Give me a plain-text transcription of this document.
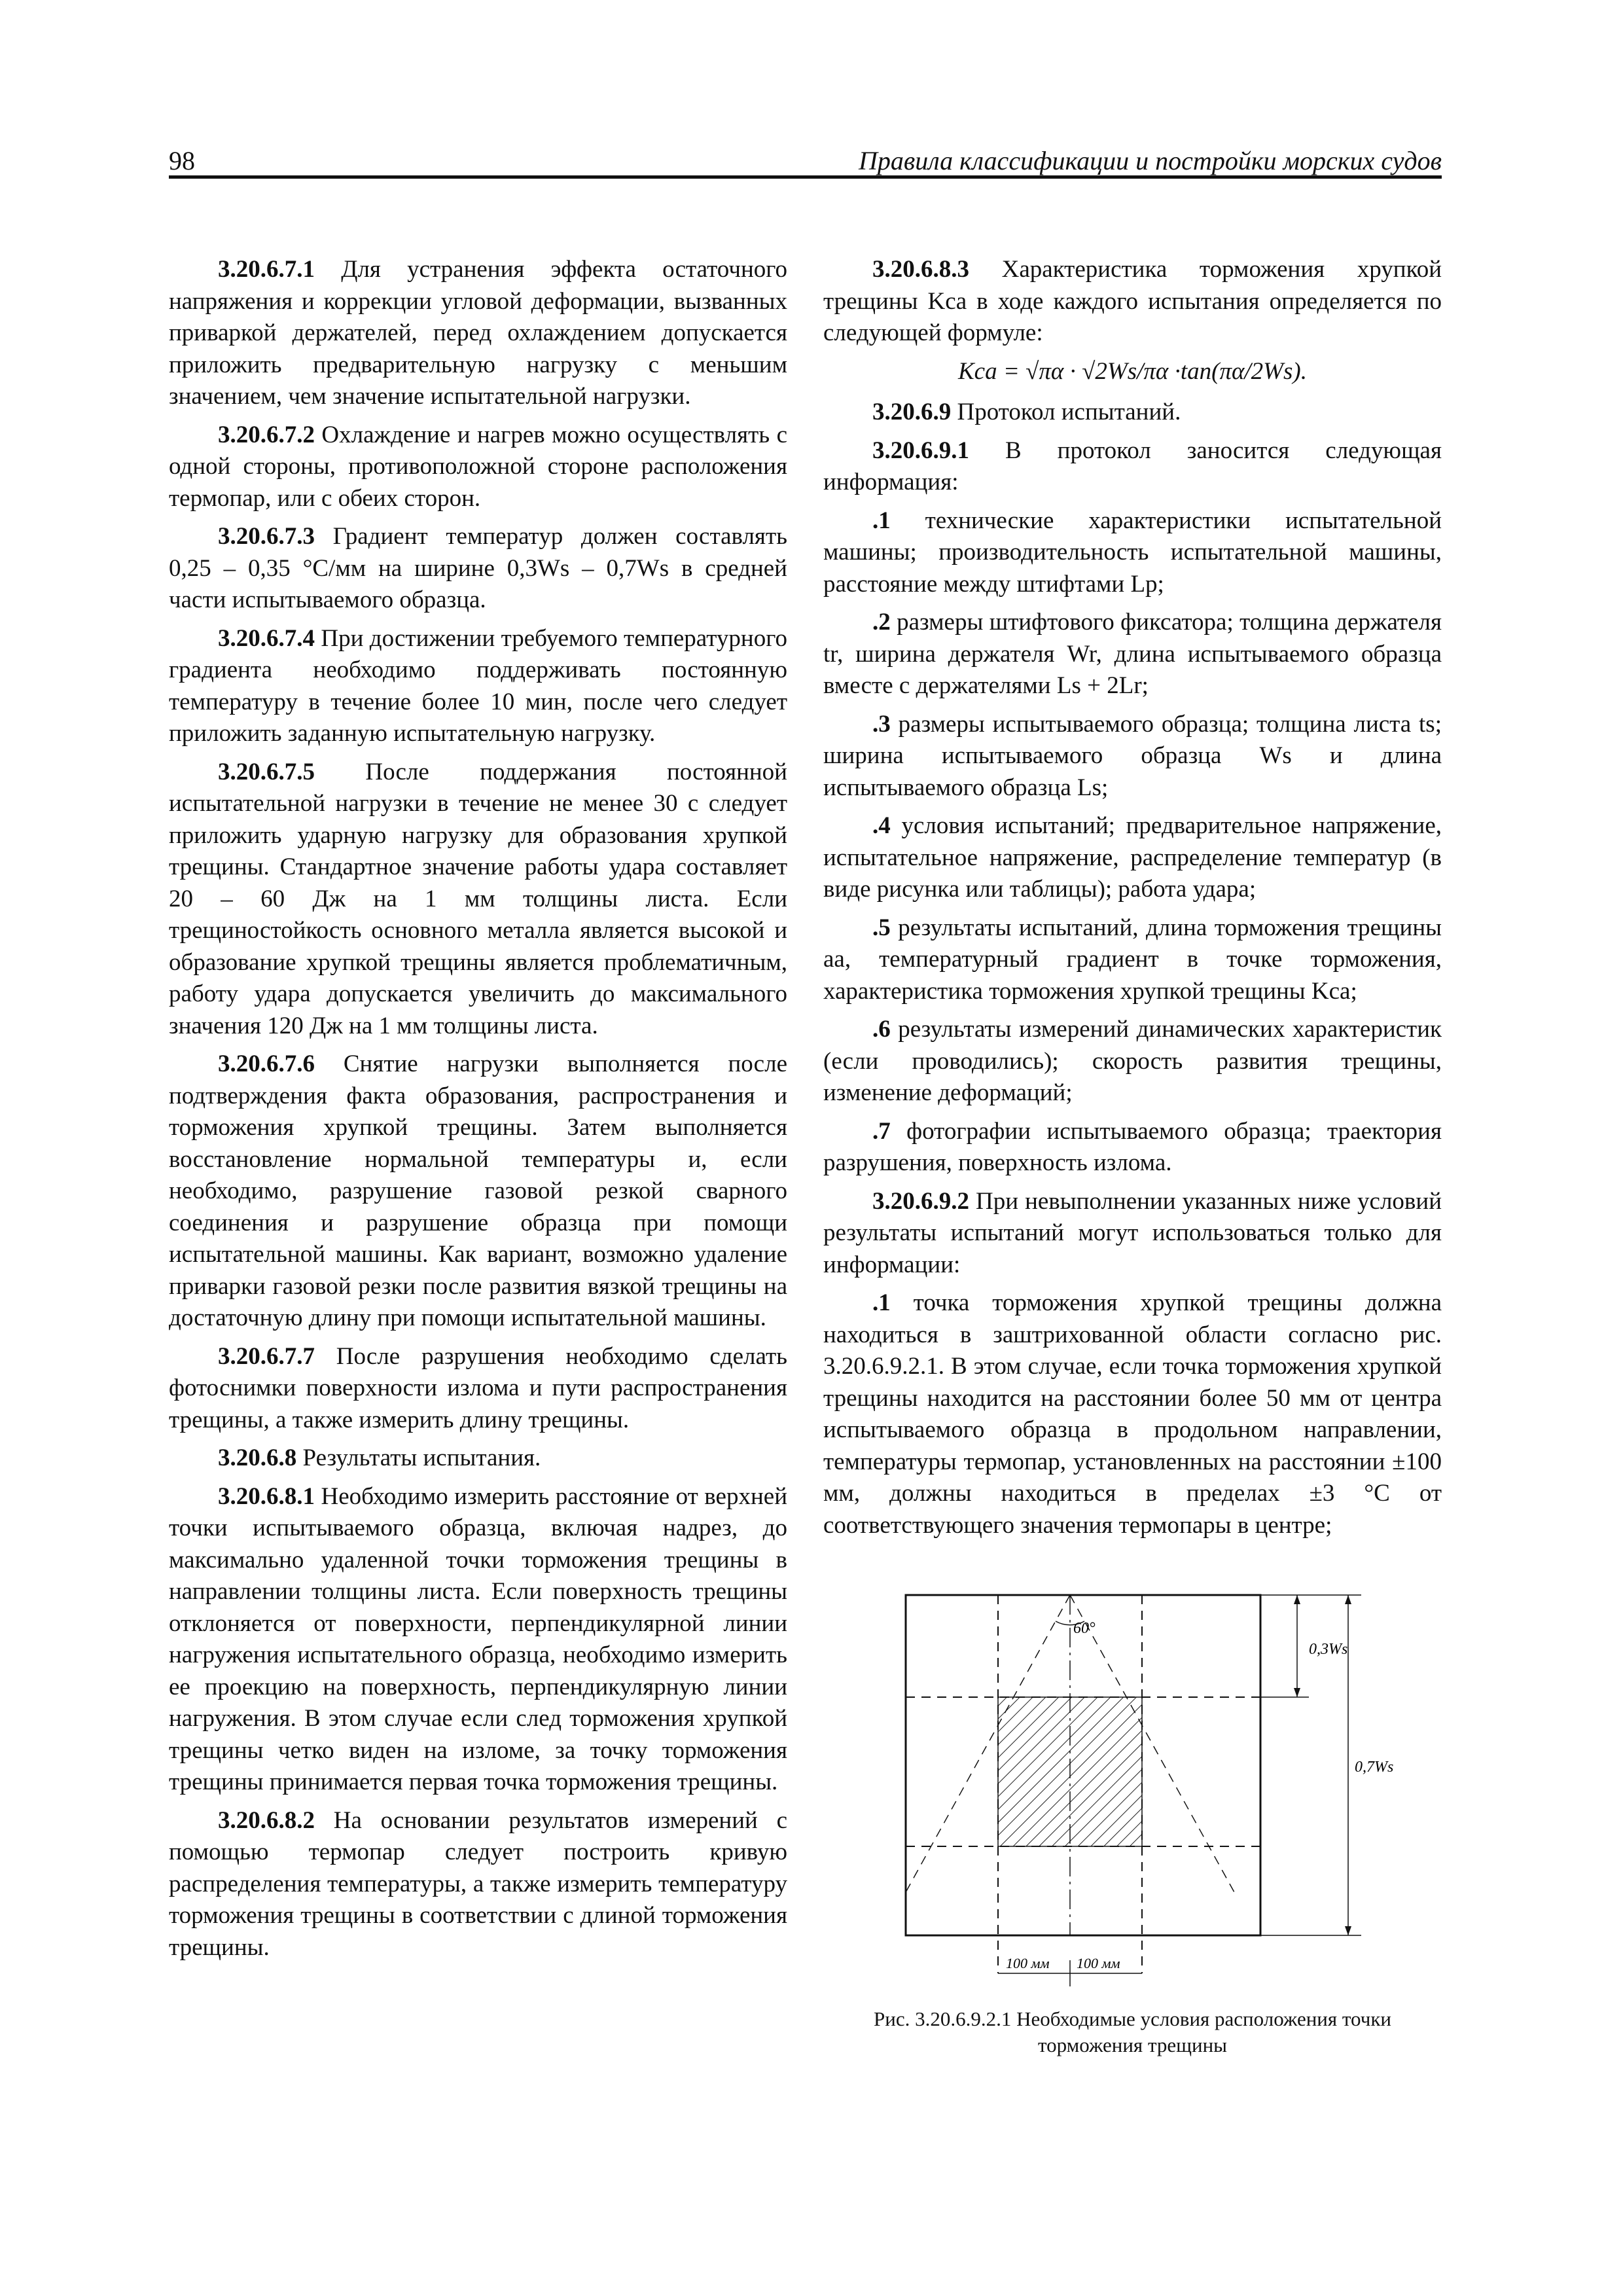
98	Правила классификации и постройки морских судов

3.20.6.7.1 Для устранения эффекта остаточного напряжения и коррекции угловой деформации, вызванных приваркой держателей, перед охлаждением допускается приложить предварительную нагрузку с меньшим значением, чем значение испытательной нагрузки.

3.20.6.7.2 Охлаждение и нагрев можно осуществлять с одной стороны, противоположной стороне расположения термопар, или с обеих сторон.

3.20.6.7.3 Градиент температур должен составлять 0,25 – 0,35 °С/мм на ширине 0,3Ws – 0,7Ws в средней части испытываемого образца.

3.20.6.7.4 При достижении требуемого температурного градиента необходимо поддерживать постоянную температуру в течение более 10 мин, после чего следует приложить заданную испытательную нагрузку.

3.20.6.7.5 После поддержания постоянной испытательной нагрузки в течение не менее 30 с следует приложить ударную нагрузку для образования хрупкой трещины. Стандартное значение работы удара составляет 20 – 60 Дж на 1 мм толщины листа. Если трещиностойкость основного металла является высокой и образование хрупкой трещины является проблематичным, работу удара допускается увеличить до максимального значения 120 Дж на 1 мм толщины листа.

3.20.6.7.6 Снятие нагрузки выполняется после подтверждения факта образования, распространения и торможения хрупкой трещины. Затем выполняется восстановление нормальной температуры и, если необходимо, разрушение газовой резкой сварного соединения и разрушение образца при помощи испытательной машины. Как вариант, возможно удаление приварки газовой резки после развития вязкой трещины на достаточную длину при помощи испытательной машины.

3.20.6.7.7 После разрушения необходимо сделать фотоснимки поверхности излома и пути распространения трещины, а также измерить длину трещины.

3.20.6.8 Результаты испытания.

3.20.6.8.1 Необходимо измерить расстояние от верхней точки испытываемого образца, включая надрез, до максимально удаленной точки торможения трещины в направлении толщины листа. Если поверхность трещины отклоняется от поверхности, перпендикулярной линии нагружения испытательного образца, необходимо измерить ее проекцию на поверхность, перпендикулярную линии нагружения. В этом случае если след торможения хрупкой трещины четко виден на изломе, за точку торможения трещины принимается первая точка торможения трещины.

3.20.6.8.2 На основании результатов измерений с помощью термопар следует построить кривую распределения температуры, а также измерить температуру торможения трещины в соответствии с длиной торможения трещины.

3.20.6.8.3 Характеристика торможения хрупкой трещины Kca в ходе каждого испытания определяется по следующей формуле:

Kca = √πα · √2Ws/πα ·tan(πα/2Ws).

3.20.6.9 Протокол испытаний.

3.20.6.9.1 В протокол заносится следующая информация:

.1 технические характеристики испытательной машины; производительность испытательной машины, расстояние между штифтами Lp;

.2 размеры штифтового фиксатора; толщина держателя tr, ширина держателя Wr, длина испытываемого образца вместе с держателями Ls + 2Lr;

.3 размеры испытываемого образца; толщина листа ts; ширина испытываемого образца Ws и длина испытываемого образца Ls;

.4 условия испытаний; предварительное напряжение, испытательное напряжение, распределение температур (в виде рисунка или таблицы); работа удара;

.5 результаты испытаний, длина торможения трещины aa, температурный градиент в точке торможения, характеристика торможения хрупкой трещины Kca;

.6 результаты измерений динамических характеристик (если проводились); скорость развития трещины, изменение деформаций;

.7 фотографии испытываемого образца; траектория разрушения, поверхность излома.

3.20.6.9.2 При невыполнении указанных ниже условий результаты испытаний могут использоваться только для информации:

.1 точка торможения хрупкой трещины должна находиться в заштрихованной области согласно рис. 3.20.6.9.2.1. В этом случае, если точка торможения хрупкой трещины находится на расстоянии более 50 мм от центра испытываемого образца в продольном направлении, температуры термопар, установленных на расстоянии ±100 мм, должны находиться в пределах ±3 °С от соответствующего значения термопары в центре;

60°
0,3Ws
0,7Ws
100 мм 100 мм
Рис. 3.20.6.9.2.1 Необходимые условия расположения точки торможения трещины
